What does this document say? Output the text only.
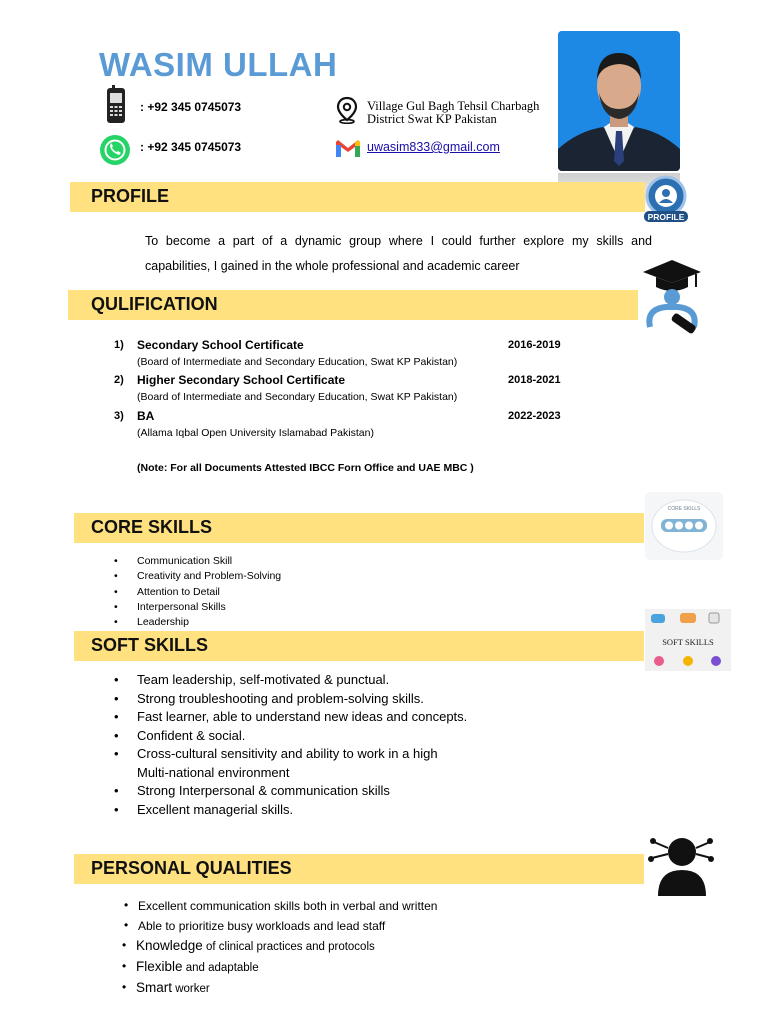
WASIM ULLAH
: +92 345 0745073
: +92 345 0745073
Village Gul Bagh Tehsil Charbagh
District Swat KP Pakistan
uwasim833@gmail.com
PROFILE
PROFILE
To become a part of a dynamic group where I could further explore my skills and capabilities, I gained in the whole professional and academic career
QULIFICATION
1) Secondary School Certificate	2016-2019
(Board of Intermediate and Secondary Education, Swat KP Pakistan)
2) Higher Secondary School Certificate	2018-2021
(Board of Intermediate and Secondary Education, Swat KP Pakistan)
3) BA	2022-2023
(Allama Iqbal Open University Islamabad Pakistan)
(Note: For all Documents Attested IBCC Forn Office and UAE MBC )
CORE SKILLS
CORE SKILLS
• Communication Skill
• Creativity and Problem-Solving
• Attention to Detail
• Interpersonal Skills
• Leadership
SOFT SKILLS	SOFT SKILLS
• Team leadership, self-motivated & punctual.
• Strong troubleshooting and problem-solving skills.
• Fast learner, able to understand new ideas and concepts.
• Confident & social.
• Cross-cultural sensitivity and ability to work in a high
Multi-national environment
• Strong Interpersonal & communication skills
• Excellent managerial skills.
PERSONAL QUALITIES
• Excellent communication skills both in verbal and written
• Able to prioritize busy workloads and lead staff
• Knowledge of clinical practices and protocols
• Flexible and adaptable
• Smart worker
